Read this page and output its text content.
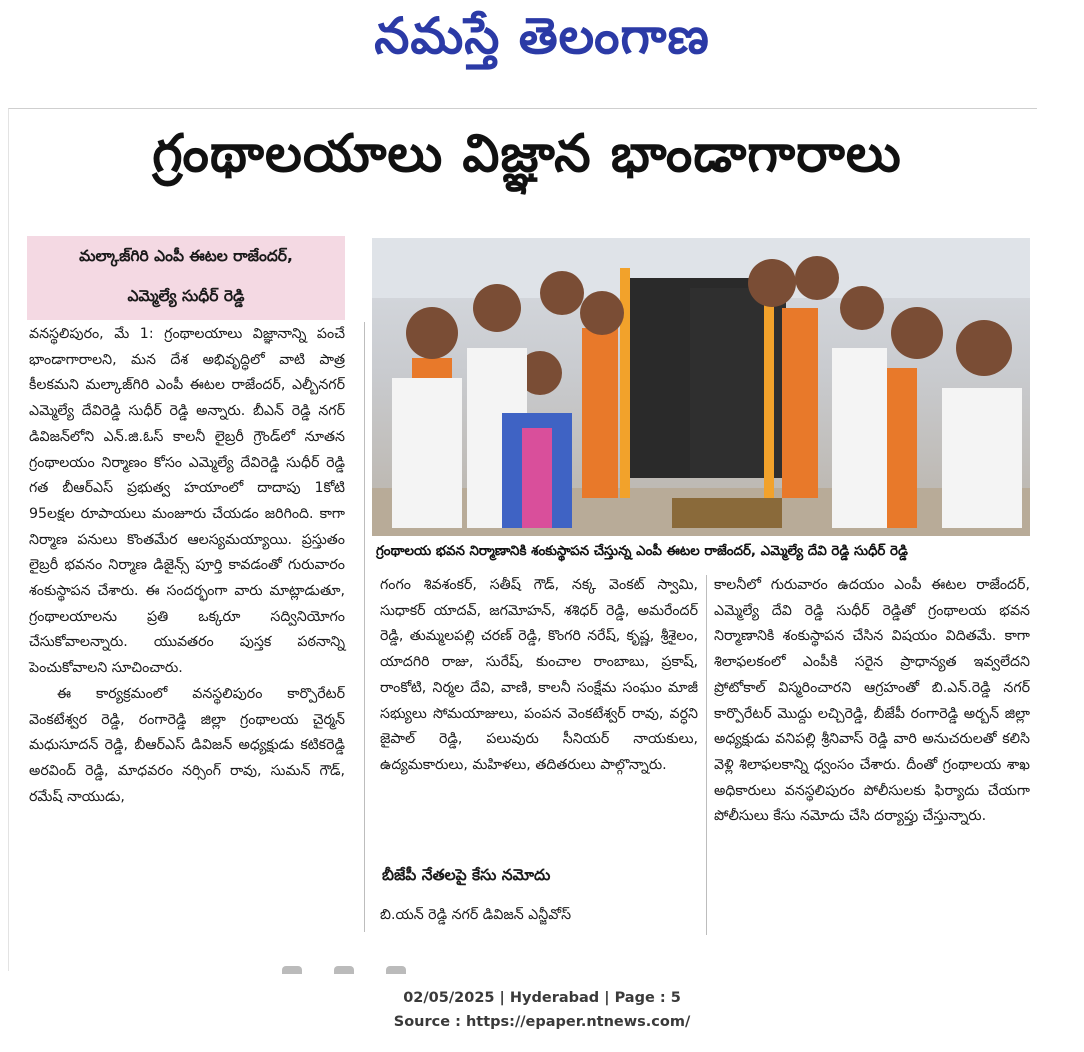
నమస్తే తెలంగాణ
గ్రంథాలయాలు విజ్ఞాన భాండాగారాలు
మల్కాజ్‌గిరి ఎంపీ ఈటల రాజేందర్,
ఎమ్మెల్యే సుధీర్ రెడ్డి

వనస్థలిపురం, మే 1: గ్రంథాలయాలు విజ్ఞానాన్ని పంచే భాండాగారాలని, మన దేశ అభివృద్ధిలో వాటి పాత్ర కీలకమని మల్కాజ్‌గిరి ఎంపీ ఈటల రాజేందర్, ఎల్బీనగర్ ఎమ్మెల్యే దేవిరెడ్డి సుధీర్ రెడ్డి అన్నారు. బీఎన్ రెడ్డి నగర్ డివిజన్‌లోని ఎన్.జి.ఓస్ కాలనీ లైబ్రరీ గ్రౌండ్‌లో నూతన గ్రంథాలయం నిర్మాణం కోసం ఎమ్మెల్యే దేవిరెడ్డి సుధీర్ రెడ్డి గత బీఆర్‌ఎస్ ప్రభుత్వ హయాంలో దాదాపు 1కోటి 95లక్షల రూపాయలు మంజూరు చేయడం జరిగింది. కాగా నిర్మాణ పనులు కొంతమేర ఆలస్యమయ్యాయి. ప్రస్తుతం లైబ్రరీ భవనం నిర్మాణ డిజైన్స్ పూర్తి కావడంతో గురువారం శంకుస్థాపన చేశారు. ఈ సందర్భంగా వారు మాట్లాడుతూ, గ్రంథాలయాలను ప్రతి ఒక్కరూ సద్వినియోగం చేసుకోవాలన్నారు. యువతరం పుస్తక పఠనాన్ని పెంచుకోవాలని సూచించారు.

ఈ కార్యక్రమంలో వనస్థలిపురం కార్పొరేటర్ వెంకటేశ్వర రెడ్డి, రంగారెడ్డి జిల్లా గ్రంథాలయ చైర్మన్ మధుసూదన్ రెడ్డి, బీఆర్‌ఎస్ డివిజన్ అధ్యక్షుడు కటికరెడ్డి అరవింద్ రెడ్డి, మాధవరం నర్సింగ్ రావు, సుమన్ గౌడ్, రమేష్ నాయుడు,

గ్రంథాలయ భవన నిర్మాణానికి శంకుస్థాపన చేస్తున్న ఎంపీ ఈటల రాజేందర్, ఎమ్మెల్యే దేవి రెడ్డి సుధీర్ రెడ్డి

గంగం శివశంకర్, సతీష్ గౌడ్, నక్క వెంకట్ స్వామి, సుధాకర్ యాదవ్, జగమోహన్, శశిధర్ రెడ్డి, అమరేందర్ రెడ్డి, తుమ్మలపల్లి చరణ్ రెడ్డి, కొంగరి నరేష్, కృష్ణ, శ్రీశైలం, యాదగిరి రాజు, సురేష్, కుంచాల రాంబాబు, ప్రకాష్, రాంకోటి, నిర్మల దేవి, వాణి, కాలనీ సంక్షేమ సంఘం మాజీ సభ్యులు సోమయాజులు, పంపన వెంకటేశ్వర్ రావు, వర్ధని జైపాల్ రెడ్డి, పలువురు సీనియర్ నాయకులు, ఉద్యమకారులు, మహిళలు, తదితరులు పాల్గొన్నారు.

బీజేపీ నేతలపై కేసు నమోదు
బి.యన్ రెడ్డి నగర్ డివిజన్ ఎన్జీవోస్

కాలనీలో గురువారం ఉదయం ఎంపీ ఈటల రాజేందర్, ఎమ్మెల్యే దేవి రెడ్డి సుధీర్ రెడ్డితో గ్రంథాలయ భవన నిర్మాణానికి శంకుస్థాపన చేసిన విషయం విదితమే. కాగా శిలాఫలకంలో ఎంపీకి సరైన ప్రాధాన్యత ఇవ్వలేదని ప్రోటోకాల్ విస్మరించారని ఆగ్రహంతో బి.ఎన్.రెడ్డి నగర్ కార్పొరేటర్ మొద్దు లచ్చిరెడ్డి, బీజేపీ రంగారెడ్డి అర్బన్ జిల్లా అధ్యక్షుడు వనిపల్లి శ్రీనివాస్ రెడ్డి వారి అనుచరులతో కలిసి వెళ్లి శిలాఫలకాన్ని ధ్వంసం చేశారు. దీంతో గ్రంథాలయ శాఖ అధికారులు వనస్థలిపురం పోలీసులకు ఫిర్యాదు చేయగా పోలీసులు కేసు నమోదు చేసి దర్యాప్తు చేస్తున్నారు.

02/05/2025 | Hyderabad | Page : 5
Source : https://epaper.ntnews.com/
